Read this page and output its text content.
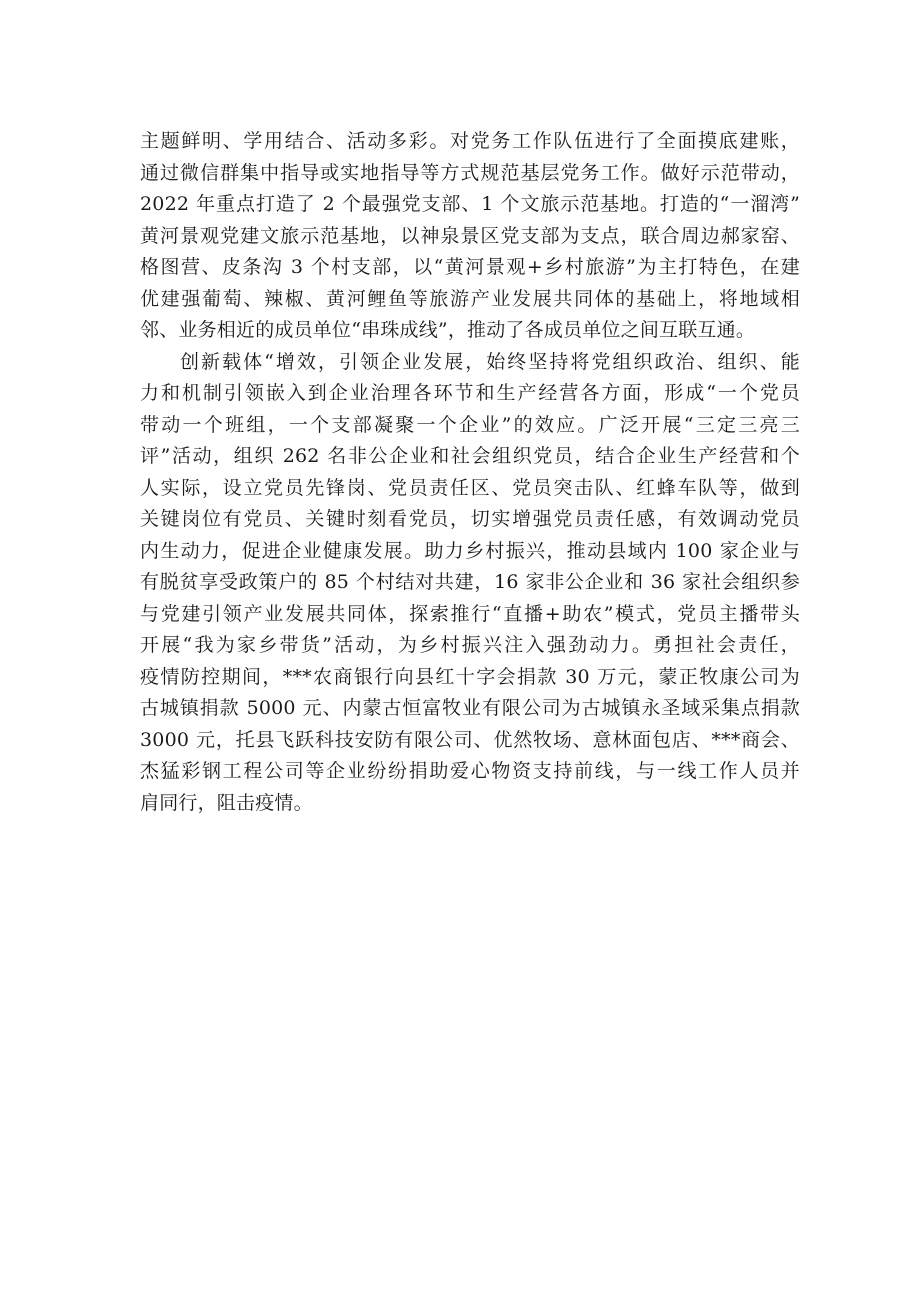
主题鲜明、学用结合、活动多彩。对党务工作队伍进行了全面摸底建账，
通过微信群集中指导或实地指导等方式规范基层党务工作。做好示范带动，
2022 年重点打造了 2 个最强党支部、1 个文旅示范基地。打造的“一溜湾”
黄河景观党建文旅示范基地，以神泉景区党支部为支点，联合周边郝家窑、
格图营、皮条沟 3 个村支部，以“黄河景观+乡村旅游”为主打特色，在建
优建强葡萄、辣椒、黄河鲤鱼等旅游产业发展共同体的基础上，将地域相
邻、业务相近的成员单位“串珠成线”，推动了各成员单位之间互联互通。
创新载体“增效，引领企业发展，始终坚持将党组织政治、组织、能
力和机制引领嵌入到企业治理各环节和生产经营各方面，形成“一个党员
带动一个班组，一个支部凝聚一个企业”的效应。广泛开展“三定三亮三
评”活动，组织 262 名非公企业和社会组织党员，结合企业生产经营和个
人实际，设立党员先锋岗、党员责任区、党员突击队、红蜂车队等，做到
关键岗位有党员、关键时刻看党员，切实增强党员责任感，有效调动党员
内生动力，促进企业健康发展。助力乡村振兴，推动县域内 100 家企业与
有脱贫享受政策户的 85 个村结对共建，16 家非公企业和 36 家社会组织参
与党建引领产业发展共同体，探索推行“直播+助农”模式，党员主播带头
开展“我为家乡带货”活动，为乡村振兴注入强劲动力。勇担社会责任，
疫情防控期间，***农商银行向县红十字会捐款 30 万元，蒙正牧康公司为
古城镇捐款 5000 元、内蒙古恒富牧业有限公司为古城镇永圣域采集点捐款
3000 元，托县飞跃科技安防有限公司、优然牧场、意林面包店、***商会、
杰猛彩钢工程公司等企业纷纷捐助爱心物资支持前线，与一线工作人员并
肩同行，阻击疫情。
